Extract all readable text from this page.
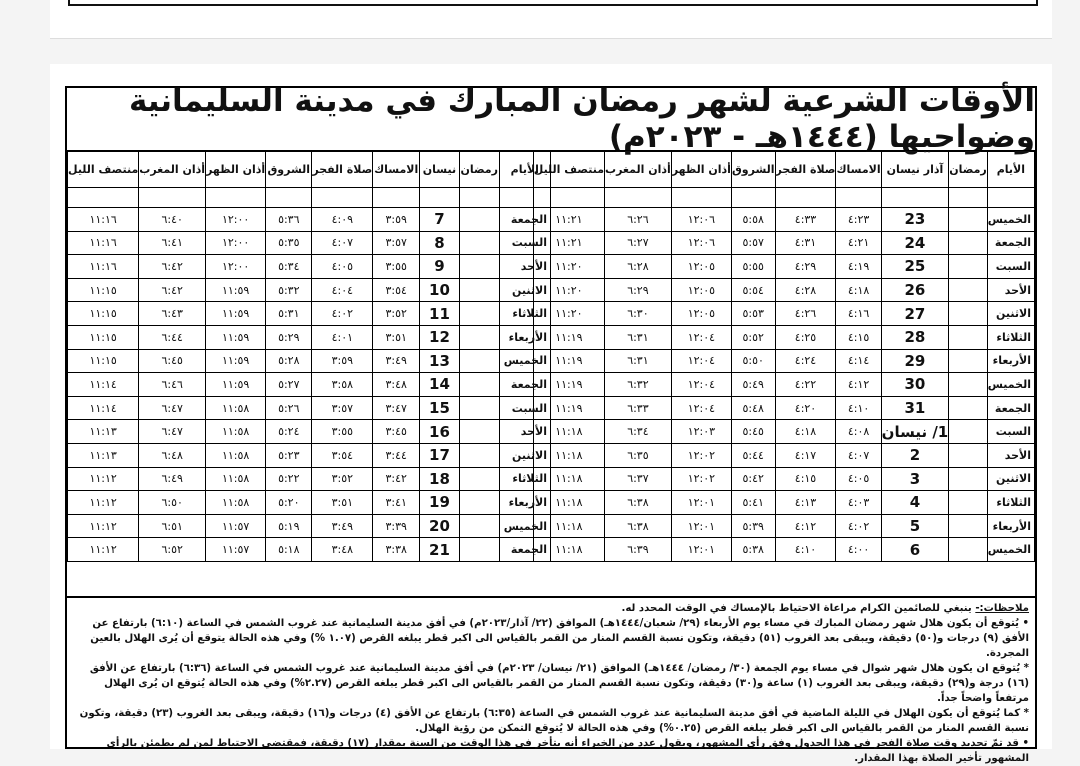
الأوقات الشرعية لشهر رمضان المبارك في مدينة السليمانية وضواحيها (١٤٤٤هـ - ٢٠٢٣م)
الأيام	رمضان	آذار نيسان	الامساك	صلاة الفجر	الشروق	أذان الظهر	أذان المغرب	منتصف الليل

الخميس		23	٤:٢٣	٤:٣٣	٥:٥٨	١٢:٠٦	٦:٢٦	١١:٢١
الجمعة		24	٤:٢١	٤:٣١	٥:٥٧	١٢:٠٦	٦:٢٧	١١:٢١
السبت		25	٤:١٩	٤:٢٩	٥:٥٥	١٢:٠٥	٦:٢٨	١١:٢٠
الأحد		26	٤:١٨	٤:٢٨	٥:٥٤	١٢:٠٥	٦:٢٩	١١:٢٠
الاثنين		27	٤:١٦	٤:٢٦	٥:٥٣	١٢:٠٥	٦:٣٠	١١:٢٠
الثلاثاء		28	٤:١٥	٤:٢٥	٥:٥٢	١٢:٠٤	٦:٣١	١١:١٩
الأربعاء		29	٤:١٤	٤:٢٤	٥:٥٠	١٢:٠٤	٦:٣١	١١:١٩
الخميس		30	٤:١٢	٤:٢٢	٥:٤٩	١٢:٠٤	٦:٣٢	١١:١٩
الجمعة		31	٤:١٠	٤:٢٠	٥:٤٨	١٢:٠٤	٦:٣٣	١١:١٩
السبت		1/ نيسان	٤:٠٨	٤:١٨	٥:٤٥	١٢:٠٣	٦:٣٤	١١:١٨
الأحد		2	٤:٠٧	٤:١٧	٥:٤٤	١٢:٠٢	٦:٣٥	١١:١٨
الاثنين		3	٤:٠٥	٤:١٥	٥:٤٢	١٢:٠٢	٦:٣٧	١١:١٨
الثلاثاء		4	٤:٠٣	٤:١٣	٥:٤١	١٢:٠١	٦:٣٨	١١:١٨
الأربعاء		5	٤:٠٢	٤:١٢	٥:٣٩	١٢:٠١	٦:٣٨	١١:١٨
الخميس		6	٤:٠٠	٤:١٠	٥:٣٨	١٢:٠١	٦:٣٩	١١:١٨
الأيام	رمضان	نيسان	الامساك	صلاة الفجر	الشروق	أذان الظهر	أذان المغرب	منتصف الليل

الجمعة		7	٣:٥٩	٤:٠٩	٥:٣٦	١٢:٠٠	٦:٤٠	١١:١٦
السبت		8	٣:٥٧	٤:٠٧	٥:٣٥	١٢:٠٠	٦:٤١	١١:١٦
الأحد		9	٣:٥٥	٤:٠٥	٥:٣٤	١٢:٠٠	٦:٤٢	١١:١٦
الاثنين		10	٣:٥٤	٤:٠٤	٥:٣٢	١١:٥٩	٦:٤٢	١١:١٥
الثلاثاء		11	٣:٥٢	٤:٠٢	٥:٣١	١١:٥٩	٦:٤٣	١١:١٥
الأربعاء		12	٣:٥١	٤:٠١	٥:٢٩	١١:٥٩	٦:٤٤	١١:١٥
الخميس		13	٣:٤٩	٣:٥٩	٥:٢٨	١١:٥٩	٦:٤٥	١١:١٥
الجمعة		14	٣:٤٨	٣:٥٨	٥:٢٧	١١:٥٩	٦:٤٦	١١:١٤
السبت		15	٣:٤٧	٣:٥٧	٥:٢٦	١١:٥٨	٦:٤٧	١١:١٤
الأحد		16	٣:٤٥	٣:٥٥	٥:٢٤	١١:٥٨	٦:٤٧	١١:١٣
الاثنين		17	٣:٤٤	٣:٥٤	٥:٢٣	١١:٥٨	٦:٤٨	١١:١٣
الثلاثاء		18	٣:٤٢	٣:٥٢	٥:٢٢	١١:٥٨	٦:٤٩	١١:١٢
الأربعاء		19	٣:٤١	٣:٥١	٥:٢٠	١١:٥٨	٦:٥٠	١١:١٢
الخميس		20	٣:٣٩	٣:٤٩	٥:١٩	١١:٥٧	٦:٥١	١١:١٢
الجمعة		21	٣:٣٨	٣:٤٨	٥:١٨	١١:٥٧	٦:٥٢	١١:١٢

ملاحظات:- ينبغي للصائمين الكرام مراعاة الاحتياط بالإمساك في الوقت المحدد له.

• يُتوقع أن يكون هلال شهر رمضان المبارك في مساء يوم الأربعاء (٢٩/ شعبان/١٤٤٤هـ) الموافق (٢٢/ آذار/٢٠٢٣م) في أفق مدينة السليمانية عند غروب الشمس في الساعة (٦:١٠) بارتفاع عن الأفق (٩) درجات و(٥٠) دقيقة، ويبقى بعد الغروب (٥١) دقيقة، وتكون نسبة القسم المنار من القمر بالقياس الى اكبر قطر يبلغه القرص (١.٠٧ %) وفي هذه الحالة يتوقع أن يُرى الهلال بالعين المجردة.

* يُتوقع ان يكون هلال شهر شوال في مساء يوم الجمعة (٣٠/ رمضان/ ١٤٤٤هـ) الموافق (٢١/ نيسان/ ٢٠٢٣م) في أفق مدينة السليمانية عند غروب الشمس في الساعة (٦:٣٦) بارتفاع عن الأفق (١٦) درجة و(٢٩) دقيقة، ويبقى بعد الغروب (١) ساعة و(٣٠) دقيقة، وتكون نسبة القسم المنار من القمر بالقياس الى اكبر قطر يبلغه القرص (٢.٢٧%) وفي هذه الحالة يُتوقع ان يُرى الهلال مرتفعاً واضحاً جداً.

* كما يُتوقع أن يكون الهلال في الليلة الماضية في أفق مدينة السليمانية عند غروب الشمس في الساعة (٦:٣٥) بارتفاع عن الأفق (٤) درجات و(١٦) دقيقة، ويبقى بعد الغروب (٢٣) دقيقة، وتكون نسبة القسم المنار من القمر بالقياس الى اكبر قطر يبلغه القرص (٠.٢٥%) وفي هذه الحالة لا يُتوقع التمكن من رؤية الهلال.

• قد تمّ تحديد وقت صلاة الفجر في هذا الجدول وفق رأي المشهور، ويقول عدد من الخبراء أنه يتأخر في هذا الوقت من السنة بمقدار (١٧) دقيقة، فمقتضى الاحتياط لمن لم يطمئن بالرأي المشهور تأخير الصلاة بهذا المقدار.
